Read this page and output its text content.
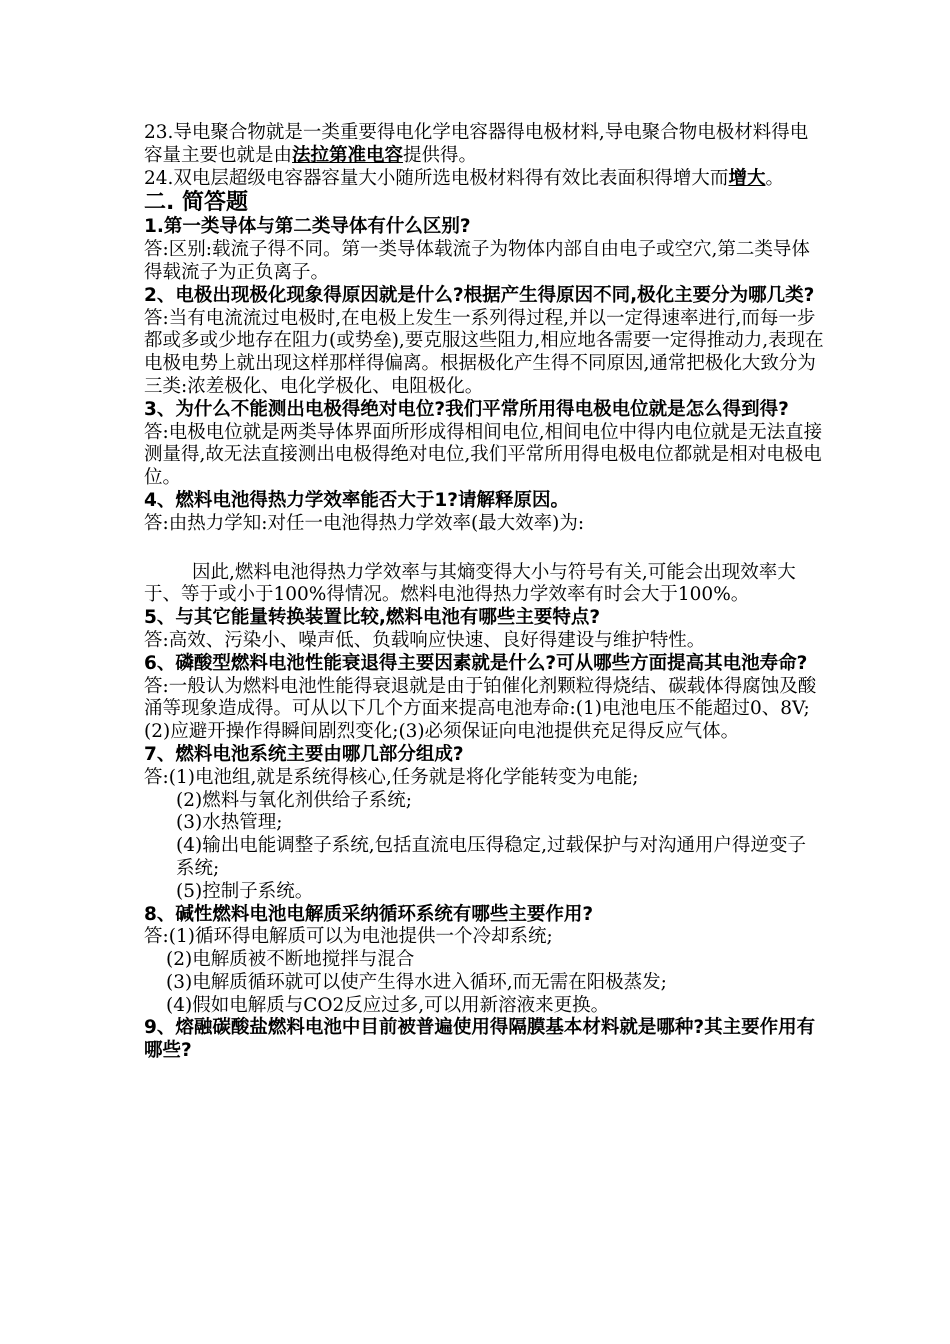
23.导电聚合物就是一类重要得电化学电容器得电极材料,导电聚合物电极材料得电容量主要也就是由法拉第准电容提供得。

24.双电层超级电容器容量大小随所选电极材料得有效比表面积得增大而增大。

二. 简答题

1.第一类导体与第二类导体有什么区别?

答:区别:载流子得不同。第一类导体载流子为物体内部自由电子或空穴,第二类导体得载流子为正负离子。

2、电极出现极化现象得原因就是什么?根据产生得原因不同,极化主要分为哪几类?

答:当有电流流过电极时,在电极上发生一系列得过程,并以一定得速率进行,而每一步都或多或少地存在阻力(或势垒),要克服这些阻力,相应地各需要一定得推动力,表现在电极电势上就出现这样那样得偏离。根据极化产生得不同原因,通常把极化大致分为三类:浓差极化、电化学极化、电阻极化。

3、为什么不能测出电极得绝对电位?我们平常所用得电极电位就是怎么得到得?

答:电极电位就是两类导体界面所形成得相间电位,相间电位中得内电位就是无法直接测量得,故无法直接测出电极得绝对电位,我们平常所用得电极电位都就是相对电极电位。

4、燃料电池得热力学效率能否大于1?请解释原因。

答:由热力学知:对任一电池得热力学效率(最大效率)为:

因此,燃料电池得热力学效率与其熵变得大小与符号有关,可能会出现效率大于、等于或小于100%得情况。燃料电池得热力学效率有时会大于100%。

5、与其它能量转换装置比较,燃料电池有哪些主要特点?

答:高效、污染小、噪声低、负载响应快速、良好得建设与维护特性。

6、磷酸型燃料电池性能衰退得主要因素就是什么?可从哪些方面提高其电池寿命?

答:一般认为燃料电池性能得衰退就是由于铂催化剂颗粒得烧结、碳载体得腐蚀及酸涌等现象造成得。可从以下几个方面来提高电池寿命:(1)电池电压不能超过0、8V;(2)应避开操作得瞬间剧烈变化;(3)必须保证向电池提供充足得反应气体。

7、燃料电池系统主要由哪几部分组成?

答:(1)电池组,就是系统得核心,任务就是将化学能转变为电能;

(2)燃料与氧化剂供给子系统;

(3)水热管理;

(4)输出电能调整子系统,包括直流电压得稳定,过载保护与对沟通用户得逆变子系统;

(5)控制子系统。

8、碱性燃料电池电解质采纳循环系统有哪些主要作用?

答:(1)循环得电解质可以为电池提供一个冷却系统;

(2)电解质被不断地搅拌与混合

(3)电解质循环就可以使产生得水进入循环,而无需在阳极蒸发;

(4)假如电解质与CO2反应过多,可以用新溶液来更换。

9、熔融碳酸盐燃料电池中目前被普遍使用得隔膜基本材料就是哪种?其主要作用有哪些?
